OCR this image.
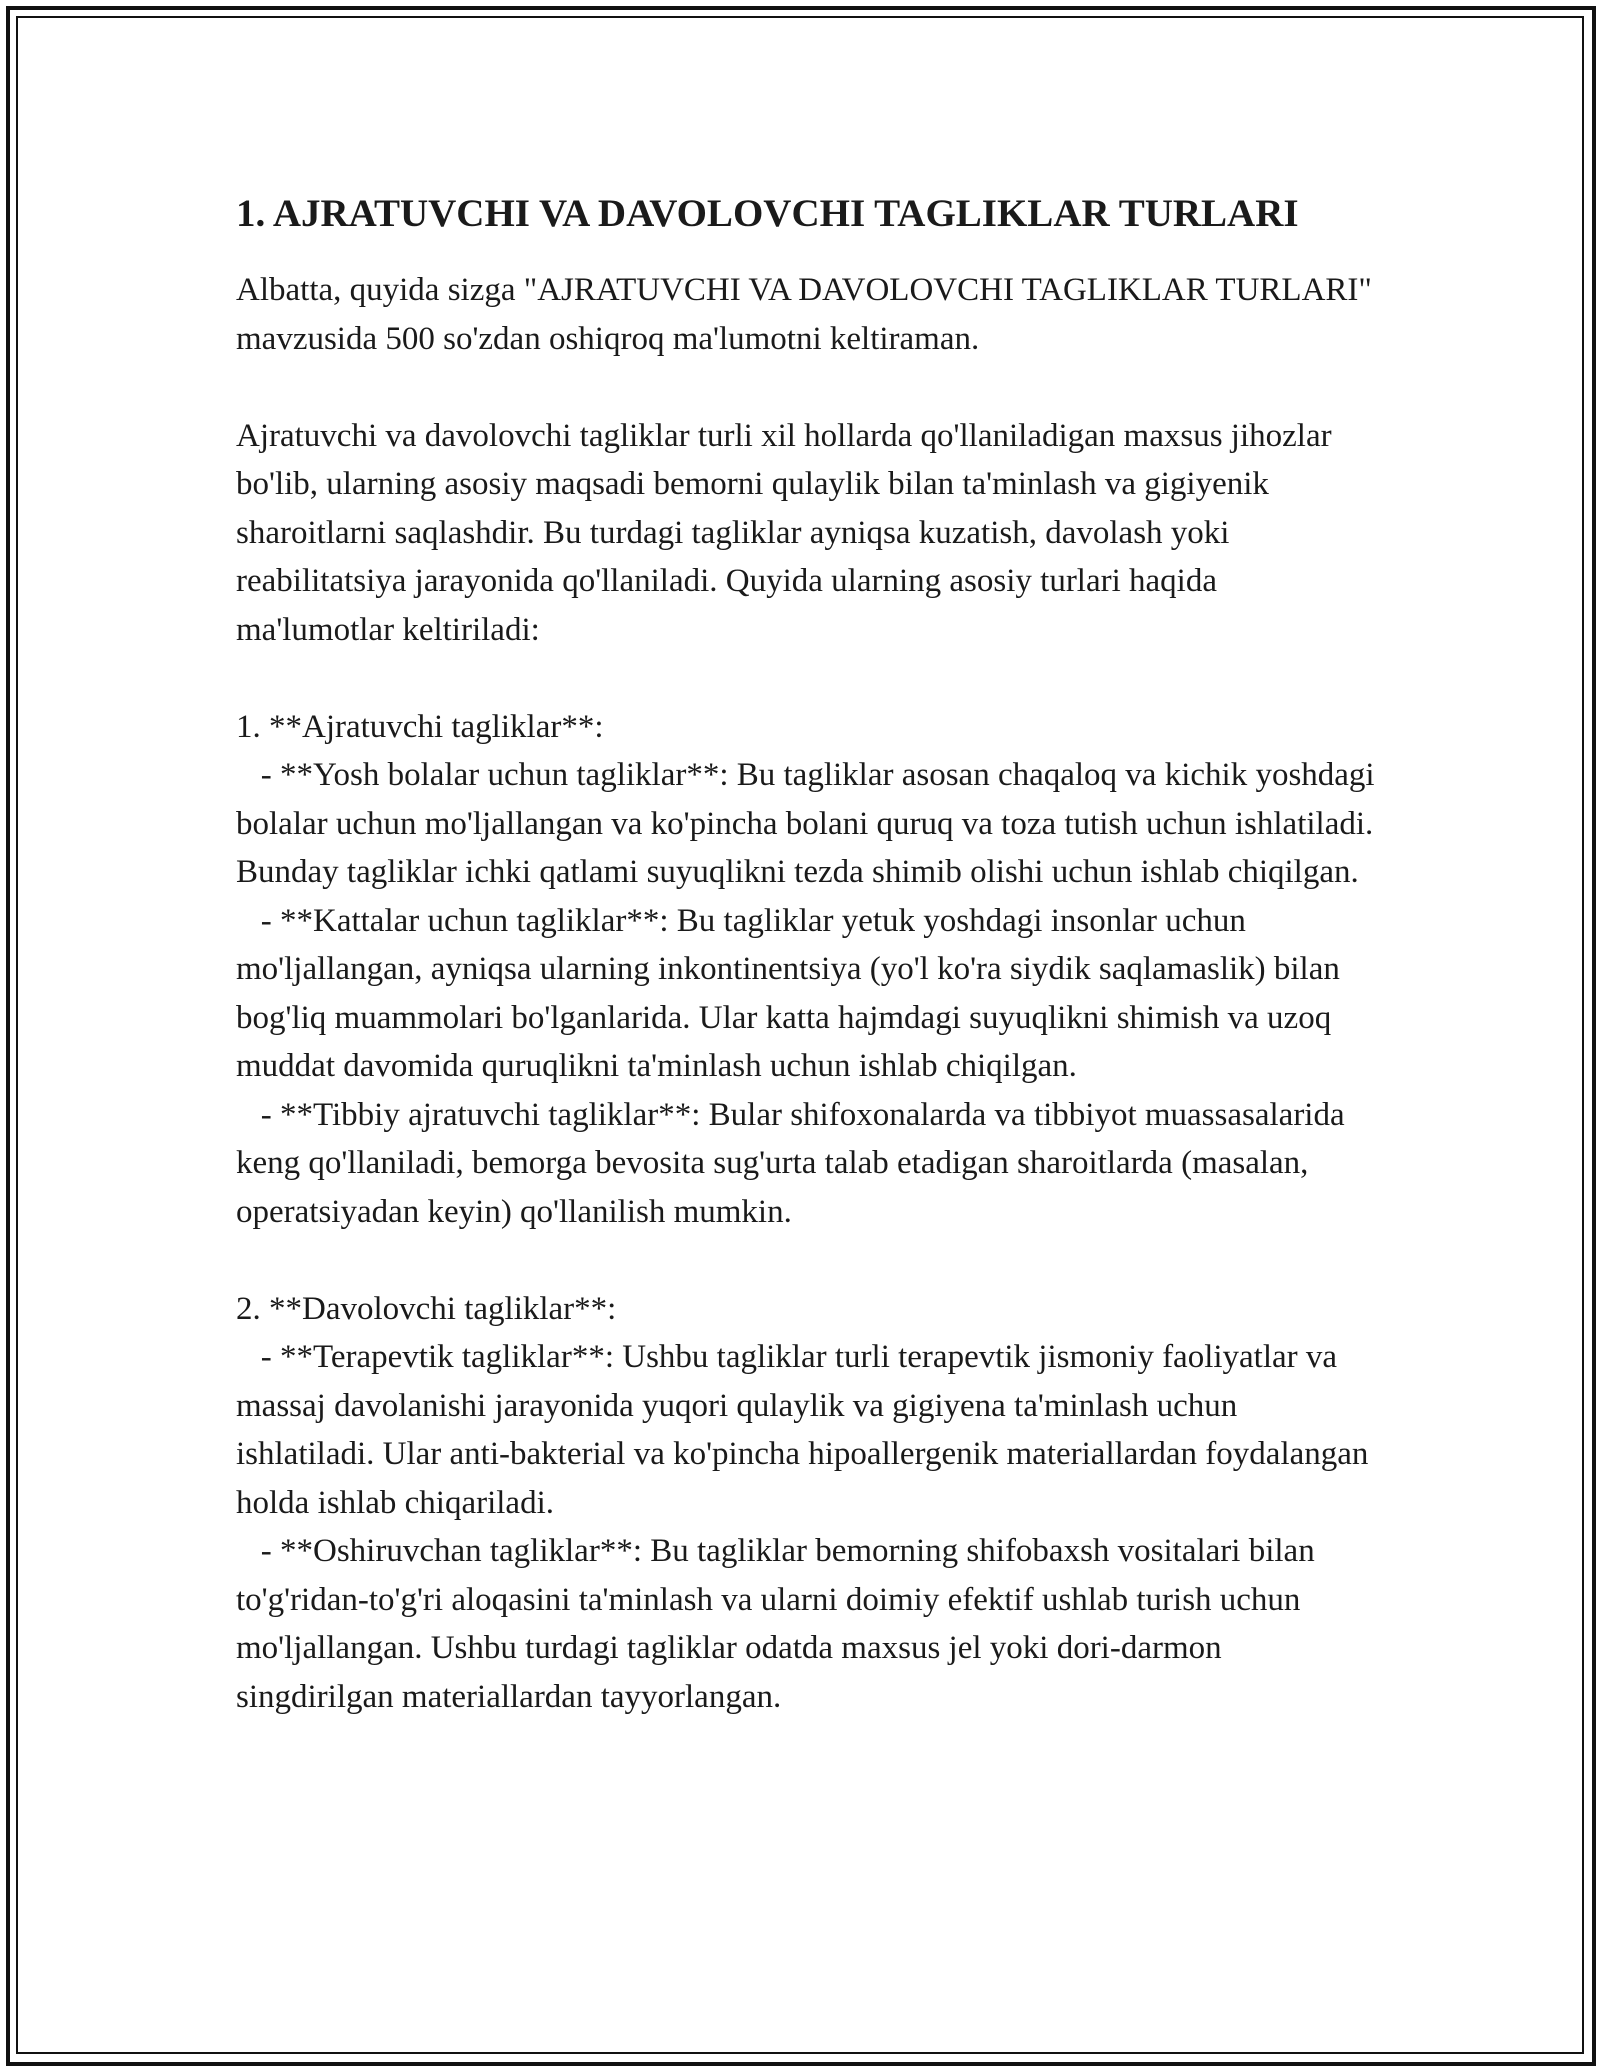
1. AJRATUVCHI VA DAVOLOVCHI TAGLIKLAR TURLARI

Albatta, quyida sizga "AJRATUVCHI VA DAVOLOVCHI TAGLIKLAR TURLARI" mavzusida 500 so'zdan oshiqroq ma'lumotni keltiraman.

Ajratuvchi va davolovchi tagliklar turli xil hollarda qo'llaniladigan maxsus jihozlar bo'lib, ularning asosiy maqsadi bemorni qulaylik bilan ta'minlash va gigiyenik sharoitlarni saqlashdir. Bu turdagi tagliklar ayniqsa kuzatish, davolash yoki reabilitatsiya jarayonida qo'llaniladi. Quyida ularning asosiy turlari haqida ma'lumotlar keltiriladi:

1. **Ajratuvchi tagliklar**:

- **Yosh bolalar uchun tagliklar**: Bu tagliklar asosan chaqaloq va kichik yoshdagi bolalar uchun mo'ljallangan va ko'pincha bolani quruq va toza tutish uchun ishlatiladi. Bunday tagliklar ichki qatlami suyuqlikni tezda shimib olishi uchun ishlab chiqilgan.

- **Kattalar uchun tagliklar**: Bu tagliklar yetuk yoshdagi insonlar uchun mo'ljallangan, ayniqsa ularning inkontinentsiya (yo'l ko'ra siydik saqlamaslik) bilan bog'liq muammolari bo'lganlarida. Ular katta hajmdagi suyuqlikni shimish va uzoq muddat davomida quruqlikni ta'minlash uchun ishlab chiqilgan.

- **Tibbiy ajratuvchi tagliklar**: Bular shifoxonalarda va tibbiyot muassasalarida keng qo'llaniladi, bemorga bevosita sug'urta talab etadigan sharoitlarda (masalan, operatsiyadan keyin) qo'llanilish mumkin.

2. **Davolovchi tagliklar**:

- **Terapevtik tagliklar**: Ushbu tagliklar turli terapevtik jismoniy faoliyatlar va massaj davolanishi jarayonida yuqori qulaylik va gigiyena ta'minlash uchun ishlatiladi. Ular anti-bakterial va ko'pincha hipoallergenik materiallardan foydalangan holda ishlab chiqariladi.

- **Oshiruvchan tagliklar**: Bu tagliklar bemorning shifobaxsh vositalari bilan to'g'ridan-to'g'ri aloqasini ta'minlash va ularni doimiy efektif ushlab turish uchun mo'ljallangan. Ushbu turdagi tagliklar odatda maxsus jel yoki dori-darmon singdirilgan materiallardan tayyorlangan.
